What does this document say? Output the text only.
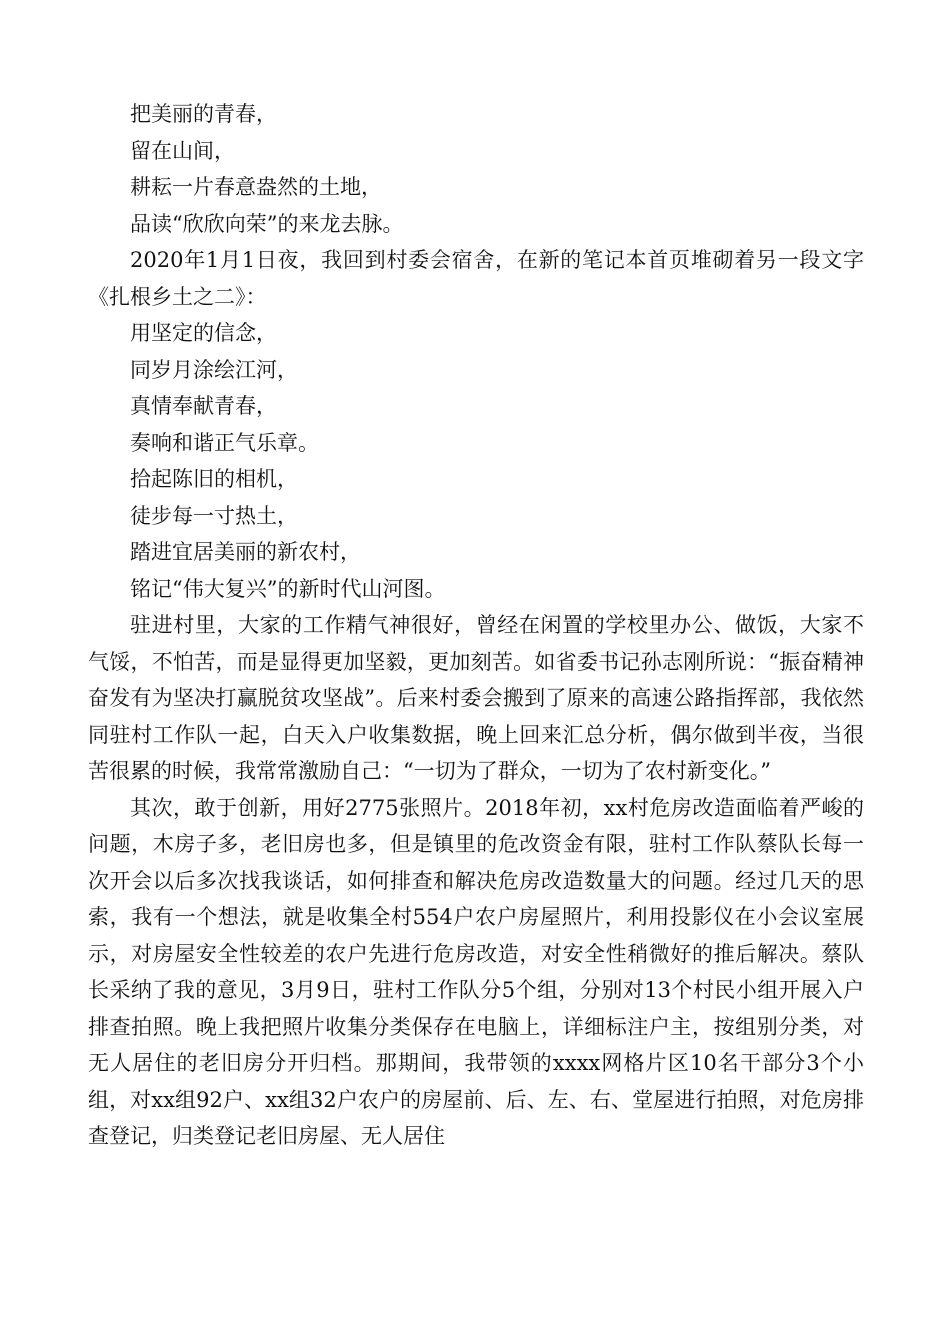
把美丽的青春，

留在山间，

耕耘一片春意盎然的土地，

品读“欣欣向荣”的来龙去脉。

2020年1月1日夜，我回到村委会宿舍，在新的笔记本首页堆砌着另一段文字《扎根乡土之二》：

用坚定的信念，

同岁月涂绘江河，

真情奉献青春，

奏响和谐正气乐章。

拾起陈旧的相机，

徒步每一寸热土，

踏进宜居美丽的新农村，

铭记“伟大复兴”的新时代山河图。

驻进村里，大家的工作精气神很好，曾经在闲置的学校里办公、做饭，大家不气馁，不怕苦，而是显得更加坚毅，更加刻苦。如省委书记孙志刚所说：“振奋精神奋发有为坚决打赢脱贫攻坚战”。后来村委会搬到了原来的高速公路指挥部，我依然同驻村工作队一起，白天入户收集数据，晚上回来汇总分析，偶尔做到半夜，当很苦很累的时候，我常常激励自己：“一切为了群众，一切为了农村新变化。”

其次，敢于创新，用好2775张照片。2018年初，xx村危房改造面临着严峻的问题，木房子多，老旧房也多，但是镇里的危改资金有限，驻村工作队蔡队长每一次开会以后多次找我谈话，如何排查和解决危房改造数量大的问题。经过几天的思索，我有一个想法，就是收集全村554户农户房屋照片，利用投影仪在小会议室展示，对房屋安全性较差的农户先进行危房改造，对安全性稍微好的推后解决。蔡队长采纳了我的意见，3月9日，驻村工作队分5个组，分别对13个村民小组开展入户排查拍照。晚上我把照片收集分类保存在电脑上，详细标注户主，按组别分类，对无人居住的老旧房分开归档。那期间，我带领的xxxx网格片区10名干部分3个小组，对xx组92户、xx组32户农户的房屋前、后、左、右、堂屋进行拍照，对危房排查登记，归类登记老旧房屋、无人居住
